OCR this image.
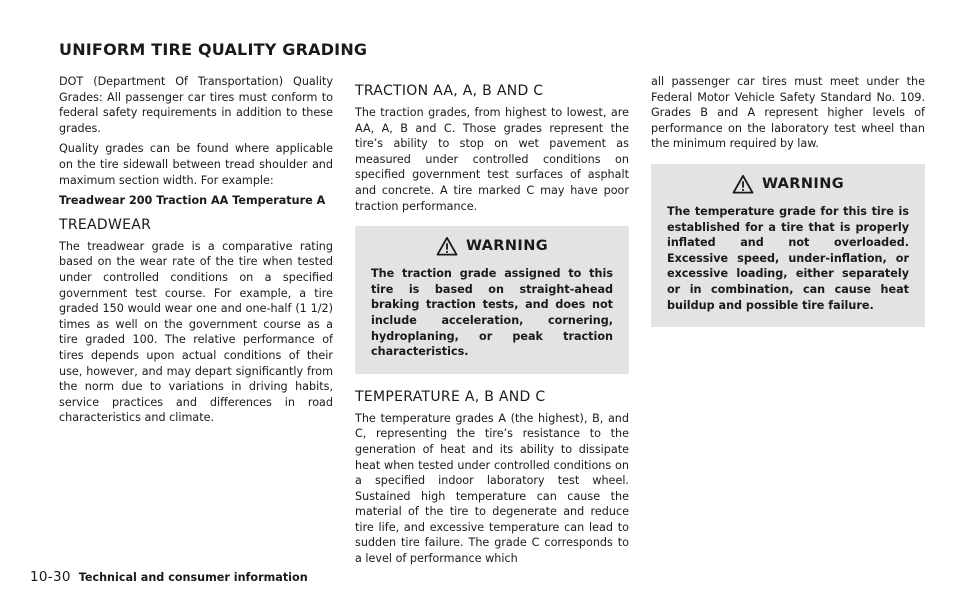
UNIFORM TIRE QUALITY GRADING

DOT (Department Of Transportation) Quality Grades: All passenger car tires must conform to federal safety requirements in addition to these grades.

Quality grades can be found where applicable on the tire sidewall between tread shoulder and maximum section width. For example:

Treadwear 200 Traction AA Temperature A

TREADWEAR

The treadwear grade is a comparative rating based on the wear rate of the tire when tested under controlled conditions on a specified government test course. For example, a tire graded 150 would wear one and one-half (1 1/2) times as well on the government course as a tire graded 100. The relative performance of tires depends upon actual conditions of their use, however, and may depart significantly from the norm due to variations in driving habits, service practices and differences in road characteristics and climate.

TRACTION AA, A, B AND C

The traction grades, from highest to lowest, are AA, A, B and C. Those grades represent the tire’s ability to stop on wet pavement as measured under controlled conditions on specified government test surfaces of asphalt and concrete. A tire marked C may have poor traction performance.

WARNING

The traction grade assigned to this tire is based on straight-ahead braking traction tests, and does not include acceleration, cornering, hydroplaning, or peak traction characteristics.

TEMPERATURE A, B AND C

The temperature grades A (the highest), B, and C, representing the tire’s resistance to the generation of heat and its ability to dissipate heat when tested under controlled conditions on a specified indoor laboratory test wheel. Sustained high temperature can cause the material of the tire to degenerate and reduce tire life, and excessive temperature can lead to sudden tire failure. The grade C corresponds to a level of performance which

all passenger car tires must meet under the Federal Motor Vehicle Safety Standard No. 109. Grades B and A represent higher levels of performance on the laboratory test wheel than the minimum required by law.

WARNING

The temperature grade for this tire is established for a tire that is properly inflated and not overloaded. Excessive speed, under-inflation, or excessive loading, either separately or in combination, can cause heat buildup and possible tire failure.

10-30 Technical and consumer information
